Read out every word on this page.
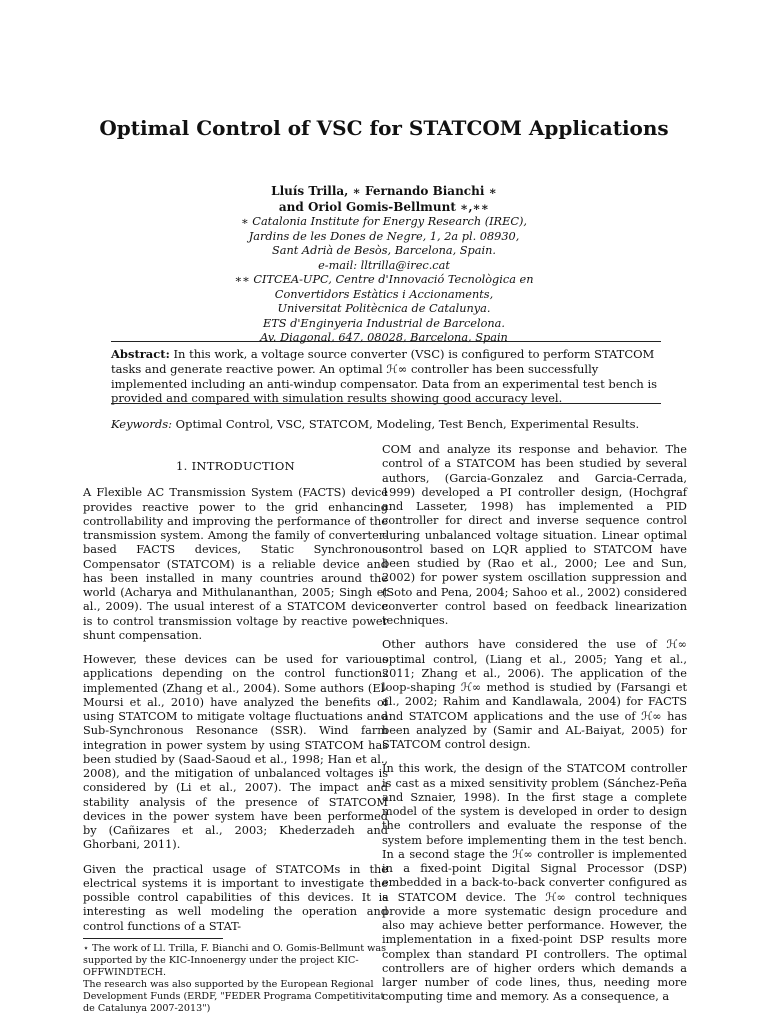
Optimal Control of VSC for STATCOM Applications
Lluís Trilla, ∗ Fernando Bianchi ∗
and Oriol Gomis-Bellmunt ∗,∗∗
∗ Catalonia Institute for Energy Research (IREC),
Jardins de les Dones de Negre, 1, 2a pl. 08930,
Sant Adrià de Besòs, Barcelona, Spain.
e-mail: lltrilla@irec.cat
∗∗ CITCEA-UPC, Centre d'Innovació Tecnològica en
Convertidors Estàtics i Accionaments,
Universitat Politècnica de Catalunya.
ETS d'Enginyeria Industrial de Barcelona.
Av. Diagonal, 647, 08028, Barcelona, Spain
Abstract: In this work, a voltage source converter (VSC) is configured to perform STATCOM tasks and generate reactive power. An optimal ℋ∞ controller has been successfully implemented including an anti-windup compensator. Data from an experimental test bench is provided and compared with simulation results showing good accuracy level.
Keywords: Optimal Control, VSC, STATCOM, Modeling, Test Bench, Experimental Results.
1. INTRODUCTION

A Flexible AC Transmission System (FACTS) device provides reactive power to the grid enhancing controllability and improving the performance of the transmission system. Among the family of converter-based FACTS devices, Static Synchronous Compensator (STATCOM) is a reliable device and has been installed in many countries around the world (Acharya and Mithulananthan, 2005; Singh et al., 2009). The usual interest of a STATCOM device is to control transmission voltage by reactive power shunt compensation.

However, these devices can be used for various applications depending on the control functions implemented (Zhang et al., 2004). Some authors (El-Moursi et al., 2010) have analyzed the benefits of using STATCOM to mitigate voltage fluctuations and Sub-Synchronous Resonance (SSR). Wind farm integration in power system by using STATCOM has been studied by (Saad-Saoud et al., 1998; Han et al., 2008), and the mitigation of unbalanced voltages is considered by (Li et al., 2007). The impact and stability analysis of the presence of STATCOM devices in the power system have been performed by (Cañizares et al., 2003; Khederzadeh and Ghorbani, 2011).

Given the practical usage of STATCOMs in the electrical systems it is important to investigate the possible control capabilities of this devices. It is interesting as well modeling the operation and control functions of a STAT-

⋆ The work of Ll. Trilla, F. Bianchi and O. Gomis-Bellmunt was supported by the KIC-Innoenergy under the project KIC-OFFWINDTECH.

The research was also supported by the European Regional Development Funds (ERDF, "FEDER Programa Competitivitat de Catalunya 2007-2013")

COM and analyze its response and behavior. The control of a STATCOM has been studied by several authors, (Garcia-Gonzalez and Garcia-Cerrada, 1999) developed a PI controller design, (Hochgraf and Lasseter, 1998) has implemented a PID controller for direct and inverse sequence control during unbalanced voltage situation. Linear optimal control based on LQR applied to STATCOM have been studied by (Rao et al., 2000; Lee and Sun, 2002) for power system oscillation suppression and (Soto and Pena, 2004; Sahoo et al., 2002) considered converter control based on feedback linearization techniques.

Other authors have considered the use of ℋ∞ optimal control, (Liang et al., 2005; Yang et al., 2011; Zhang et al., 2006). The application of the loop-shaping ℋ∞ method is studied by (Farsangi et al., 2002; Rahim and Kandlawala, 2004) for FACTS and STATCOM applications and the use of ℋ∞ has been analyzed by (Samir and AL-Baiyat, 2005) for STATCOM control design.

In this work, the design of the STATCOM controller is cast as a mixed sensitivity problem (Sánchez-Peña and Sznaier, 1998). In the first stage a complete model of the system is developed in order to design the controllers and evaluate the response of the system before implementing them in the test bench. In a second stage the ℋ∞ controller is implemented in a fixed-point Digital Signal Processor (DSP) embedded in a back-to-back converter configured as a STATCOM device. The ℋ∞ control techniques provide a more systematic design procedure and also may achieve better performance. However, the implementation in a fixed-point DSP results more complex than standard PI controllers. The optimal controllers are of higher orders which demands a larger number of code lines, thus, needing more computing time and memory. As a consequence, a
